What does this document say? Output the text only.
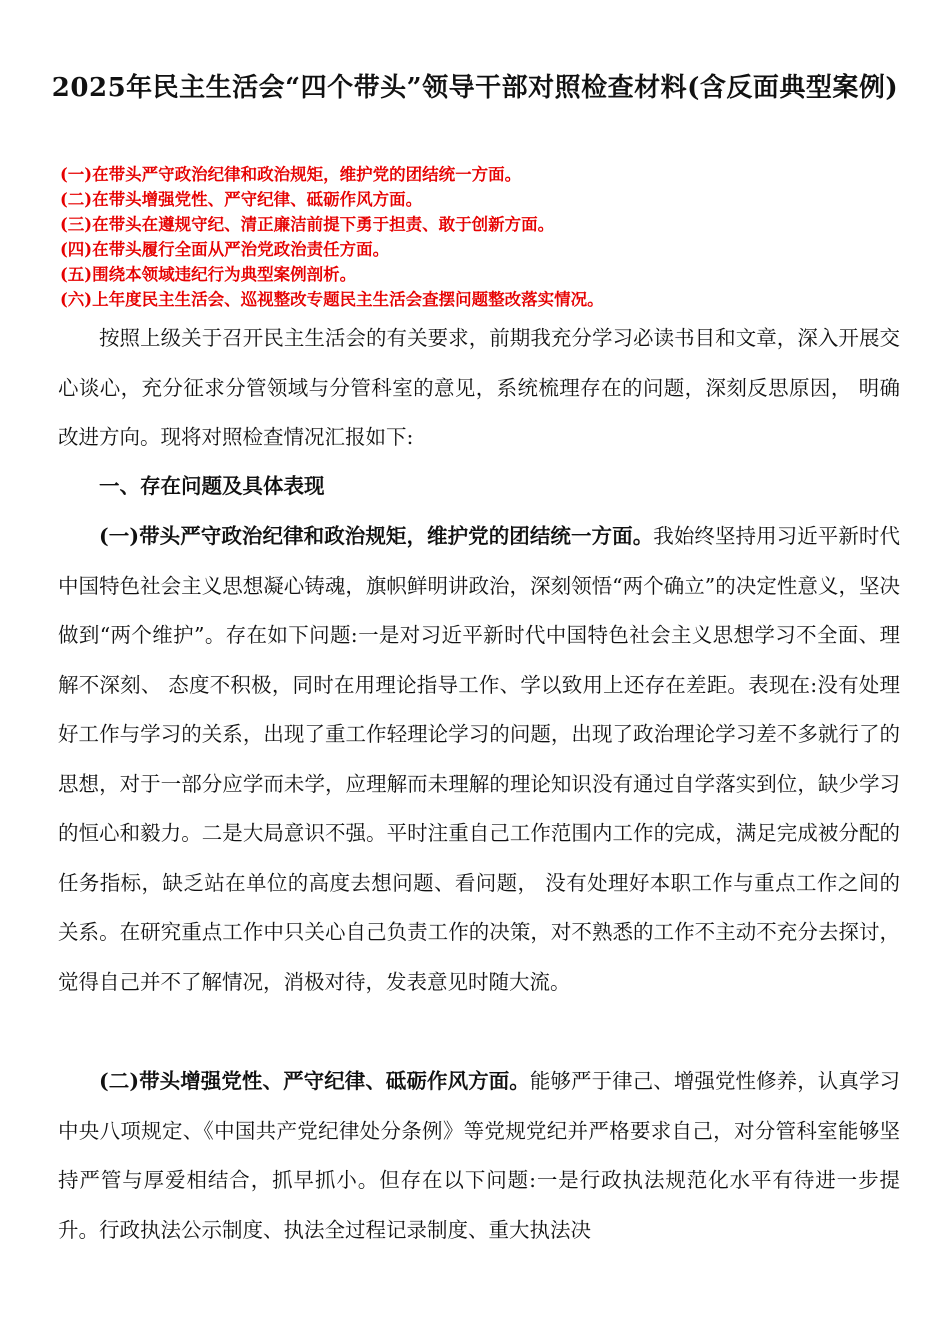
2025年民主生活会“四个带头”领导干部对照检查材料(含反面典型案例)
(一)在带头严守政治纪律和政治规矩，维护党的团结统一方面。
(二)在带头增强党性、严守纪律、砥砺作风方面。
(三)在带头在遵规守纪、清正廉洁前提下勇于担责、敢于创新方面。
(四)在带头履行全面从严治党政治责任方面。
(五)围绕本领域违纪行为典型案例剖析。
(六)上年度民主生活会、巡视整改专题民主生活会查摆问题整改落实情况。

按照上级关于召开民主生活会的有关要求，前期我充分学习必读书目和文章，深入开展交心谈心，充分征求分管领域与分管科室的意见，系统梳理存在的问题，深刻反思原因， 明确改进方向。现将对照检查情况汇报如下:

一、存在问题及具体表现

(一)带头严守政治纪律和政治规矩，维护党的团结统一方面。我始终坚持用习近平新时代中国特色社会主义思想凝心铸魂，旗帜鲜明讲政治，深刻领悟“两个确立”的决定性意义，坚决做到“两个维护”。存在如下问题:一是对习近平新时代中国特色社会主义思想学习不全面、理解不深刻、 态度不积极，同时在用理论指导工作、学以致用上还存在差距。表现在:没有处理好工作与学习的关系，出现了重工作轻理论学习的问题，出现了政治理论学习差不多就行了的思想，对于一部分应学而未学，应理解而未理解的理论知识没有通过自学落实到位，缺少学习的恒心和毅力。二是大局意识不强。平时注重自己工作范围内工作的完成，满足完成被分配的任务指标，缺乏站在单位的高度去想问题、看问题， 没有处理好本职工作与重点工作之间的关系。在研究重点工作中只关心自己负责工作的决策，对不熟悉的工作不主动不充分去探讨，觉得自己并不了解情况，消极对待，发表意见时随大流。

(二)带头增强党性、严守纪律、砥砺作风方面。能够严于律己、增强党性修养，认真学习中央八项规定、《中国共产党纪律处分条例》等党规党纪并严格要求自己，对分管科室能够坚持严管与厚爱相结合，抓早抓小。但存在以下问题:一是行政执法规范化水平有待进一步提升。行政执法公示制度、执法全过程记录制度、重大执法决
